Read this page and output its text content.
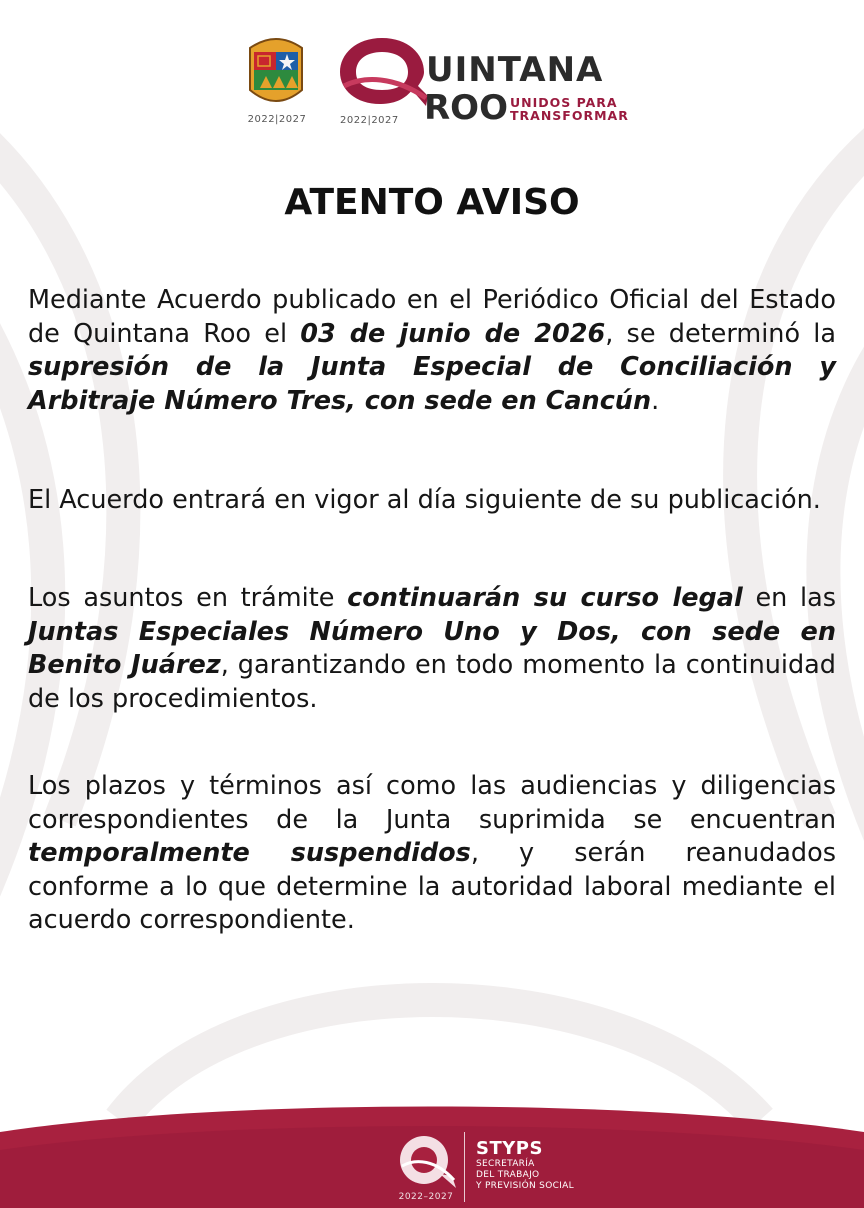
2022|2027
UINTANA
ROO UNIDOS PARA
TRANSFORMAR
2022|2027
ATENTO AVISO

Mediante Acuerdo publicado en el Periódico Oficial del Estado de Quintana Roo el 03 de junio de 2026, se determinó la supresión de la Junta Especial de Conciliación y Arbitraje Número Tres, con sede en Cancún.

El Acuerdo entrará en vigor al día siguiente de su publicación.

Los asuntos en trámite continuarán su curso legal en las Juntas Especiales Número Uno y Dos, con sede en Benito Juárez, garantizando en todo momento la continuidad de los procedimientos.

Los plazos y términos así como las audiencias y diligencias correspondientes de la Junta suprimida se encuentran temporalmente suspendidos, y serán reanudados conforme a lo que determine la autoridad laboral mediante el acuerdo correspondiente.

2022–2027
STYPS
SECRETARÍA
DEL TRABAJO
Y PREVISIÓN SOCIAL
